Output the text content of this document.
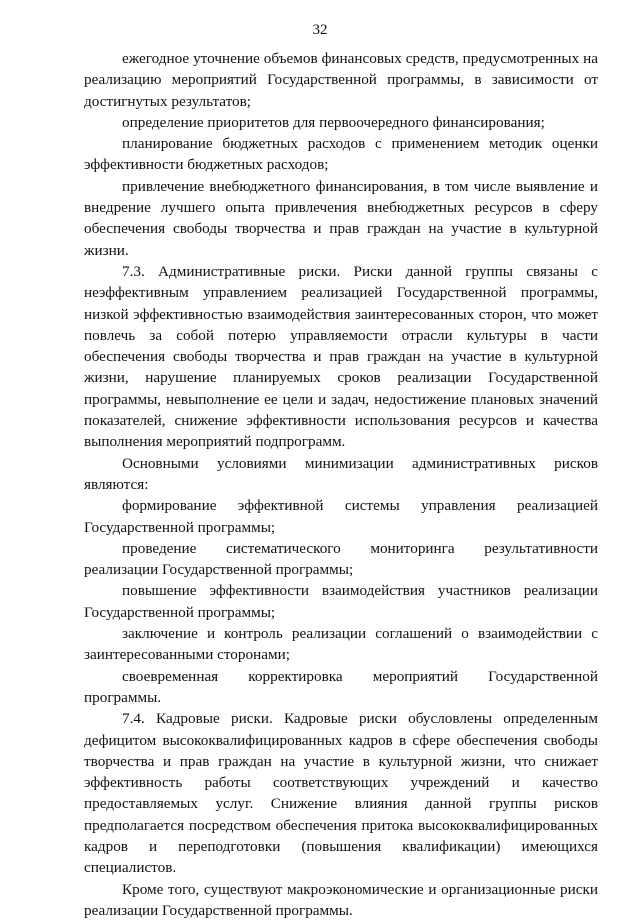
32

ежегодное уточнение объемов финансовых средств, предусмотренных на реализацию мероприятий Государственной программы, в зависимости от достигнутых результатов;

определение приоритетов для первоочередного финансирования;

планирование бюджетных расходов с применением методик оценки эффективности бюджетных расходов;

привлечение внебюджетного финансирования, в том числе выявление и внедрение лучшего опыта привлечения внебюджетных ресурсов в сферу обеспечения свободы творчества и прав граждан на участие в культурной жизни.

7.3. Административные риски. Риски данной группы связаны с неэффективным управлением реализацией Государственной программы, низкой эффективностью взаимодействия заинтересованных сторон, что может повлечь за собой потерю управляемости отрасли культуры в части обеспечения свободы творчества и прав граждан на участие в культурной жизни, нарушение планируемых сроков реализации Государственной программы, невыполнение ее цели и задач, недостижение плановых значений показателей, снижение эффективности использования ресурсов и качества выполнения мероприятий подпрограмм.

Основными условиями минимизации административных рисков являются:

формирование эффективной системы управления реализацией Государственной программы;

проведение систематического мониторинга результативности реализации Государственной программы;

повышение эффективности взаимодействия участников реализации Государственной программы;

заключение и контроль реализации соглашений о взаимодействии с заинтересованными сторонами;

своевременная корректировка мероприятий Государственной программы.

7.4. Кадровые риски. Кадровые риски обусловлены определенным дефицитом высококвалифицированных кадров в сфере обеспечения свободы творчества и прав граждан на участие в культурной жизни, что снижает эффективность работы соответствующих учреждений и качество предоставляемых услуг. Снижение влияния данной группы рисков предполагается посредством обеспечения притока высококвалифицированных кадров и переподготовки (повышения квалификации) имеющихся специалистов.

Кроме того, существуют макроэкономические и организационные риски реализации Государственной программы.
